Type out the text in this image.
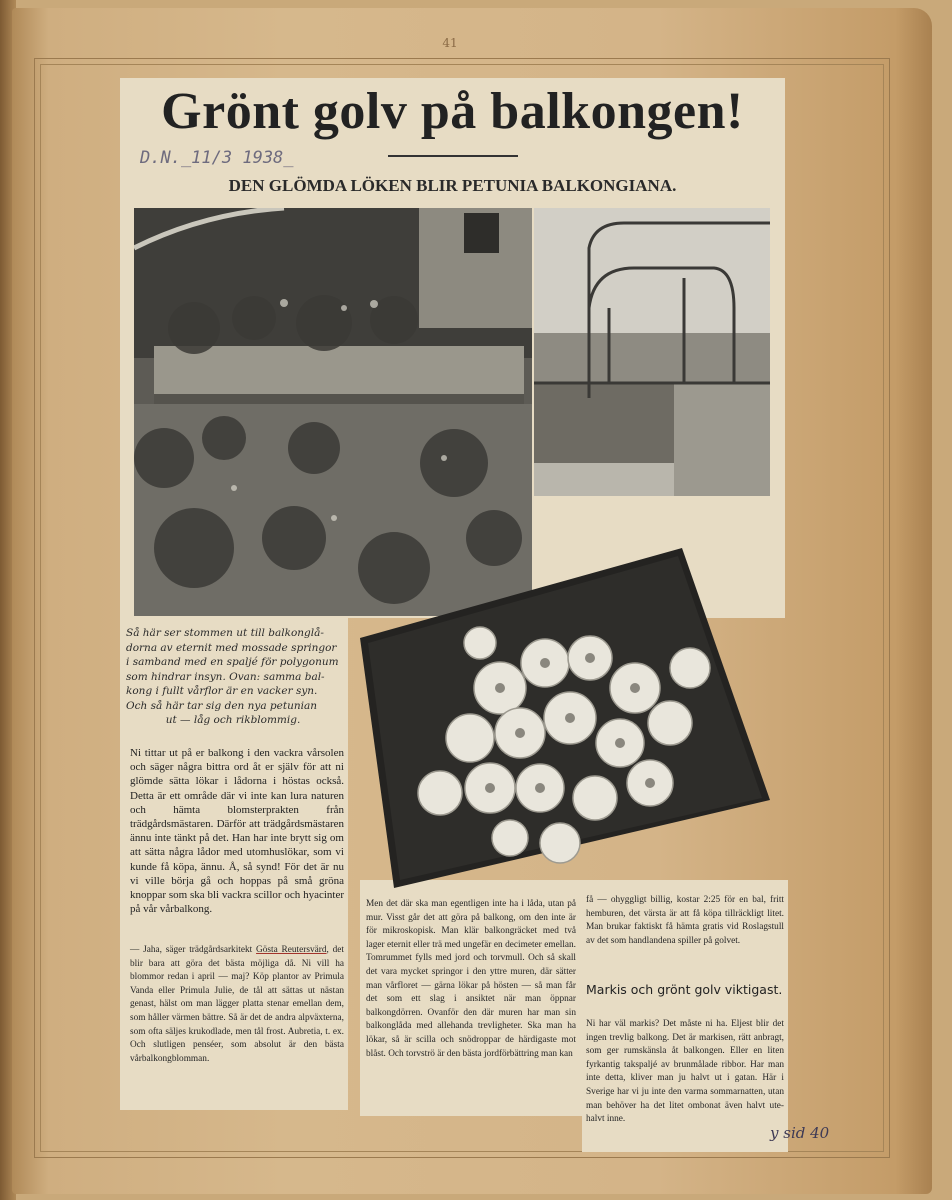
41
Grönt golv på balkongen!
D.N._11/3 1938_
DEN GLÖMDA LÖKEN BLIR PETUNIA BALKONGIANA.
Så här ser stommen ut till balkonglå-
dorna av eternit med mossade springor
i samband med en spaljé för polygonum
som hindrar insyn. Ovan: samma bal-
kong i fullt vårflor är en vacker syn.
Och så här tar sig den nya petunian
ut — låg och rikblommig.
Ni tittar ut på er balkong i den vackra vårsolen och säger några bittra ord åt er själv för att ni glömde sätta lökar i lådorna i höstas också. Detta är ett område där vi inte kan lura naturen och hämta blomsterprakten från trädgårdsmästaren. Därför att trädgårdsmästaren ännu inte tänkt på det. Han har inte brytt sig om att sätta några lådor med utomhuslökar, som vi kunde få köpa, ännu. Å, så synd! För det är nu vi ville börja gå och hoppas på små gröna knoppar som ska bli vackra scillor och hyacinter på vår vårbalkong.
— Jaha, säger trädgårdsarkitekt Gösta Reutersvärd, det blir bara att göra det bästa möjliga då. Ni vill ha blommor redan i april — maj? Köp plantor av Primula Vanda eller Primula Julie, de tål att sättas ut nästan genast, hälst om man lägger platta stenar emellan dem, som håller värmen bättre. Så är det de andra alpväxterna, som ofta säljes krukodlade, men tål frost. Aubretia, t. ex. Och slutligen penséer, som absolut är den bästa vårbalkongblomman.
Men det där ska man egentligen inte ha i låda, utan på mur. Visst går det att göra på balkong, om den inte är för mikroskopisk. Man klär balkongräcket med två lager eternit eller trä med ungefär en decimeter emellan. Tomrummet fylls med jord och torvmull. Och så skall det vara mycket springor i den yttre muren, där sätter man vårfloret — gärna lökar på hösten — så man får det som ett slag i ansiktet när man öppnar balkongdörren. Ovanför den där muren har man sin balkonglåda med allehanda trevligheter. Ska man ha lökar, så är scilla och snödroppar de härdigaste mot blåst. Och torvströ är den bästa jordförbättring man kan
få — ohyggligt billig, kostar 2:25 för en bal, fritt hemburen, det värsta är att få köpa tillräckligt litet. Man brukar faktiskt få hämta gratis vid Roslagstull av det som handlandena spiller på golvet.
Markis och grönt golv viktigast.
Ni har väl markis? Det måste ni ha. Eljest blir det ingen trevlig balkong. Det är markisen, rätt anbragt, som ger rumskänsla åt balkongen. Eller en liten fyrkantig takspaljé av brunmålade ribbor. Har man inte detta, kliver man ju halvt ut i gatan. Här i Sverige har vi ju inte den varma sommarnatten, utan man behöver ha det litet ombonat även halvt ute-halvt inne.
y sid 40
